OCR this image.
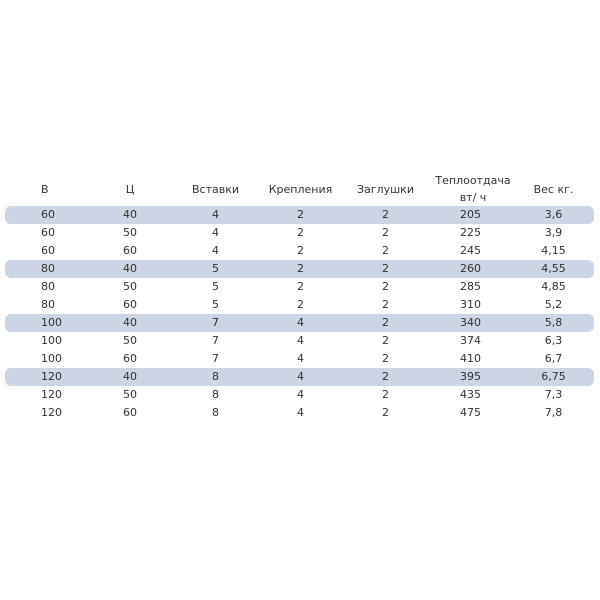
В	Ц	Вставки	Крепления	Заглушки	Теплоотдача вт/ ч	Вес кг.
60	40	4	2	2	205	3,6
60	50	4	2	2	225	3,9
60	60	4	2	2	245	4,15
80	40	5	2	2	260	4,55
80	50	5	2	2	285	4,85
80	60	5	2	2	310	5,2
100	40	7	4	2	340	5,8
100	50	7	4	2	374	6,3
100	60	7	4	2	410	6,7
120	40	8	4	2	395	6,75
120	50	8	4	2	435	7,3
120	60	8	4	2	475	7,8
